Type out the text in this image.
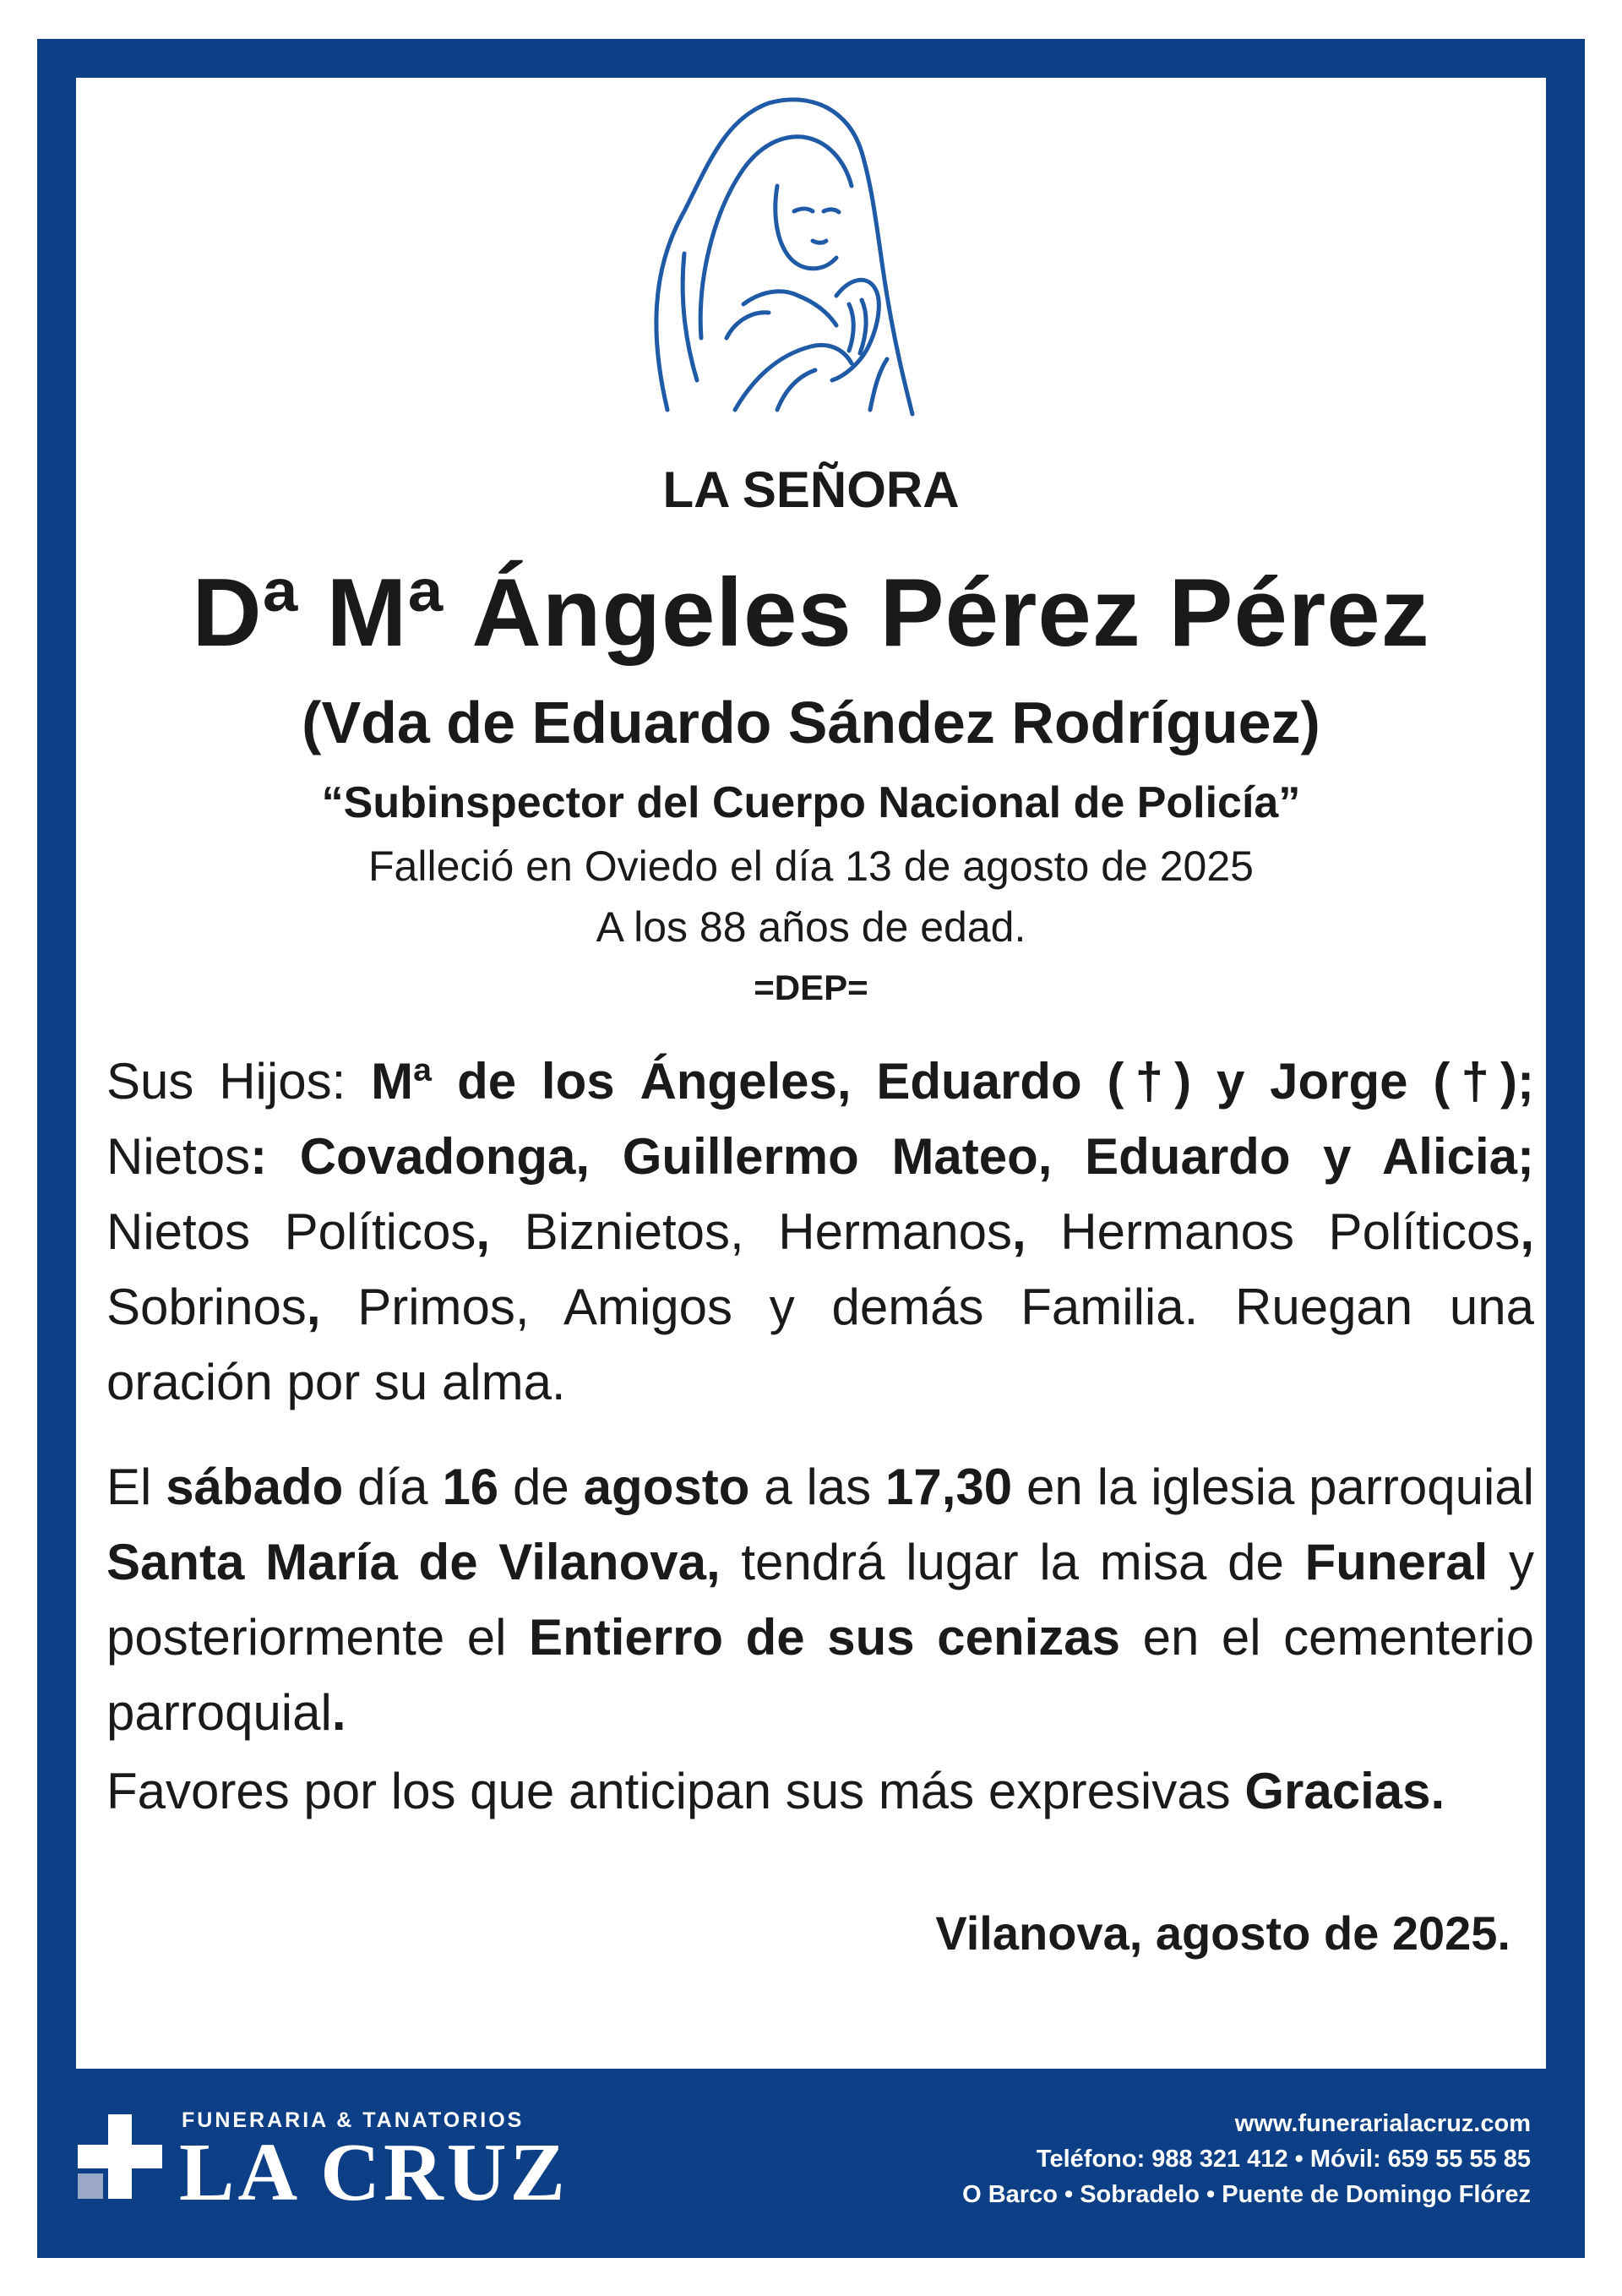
LA SEÑORA
Dª Mª Ángeles Pérez Pérez
(Vda de Eduardo Sández Rodríguez)
“Subinspector del Cuerpo Nacional de Policía”
Falleció en Oviedo el día 13 de agosto de 2025
A los 88 años de edad.
=DEP=
Sus Hijos: Mª de los Ángeles, Eduardo (†) y Jorge (†); Nietos: Covadonga, Guillermo Mateo, Eduardo y Alicia; Nietos Políticos, Biznietos, Hermanos, Hermanos Políticos, Sobrinos, Primos, Amigos y demás Familia. Ruegan una oración por su alma.
El sábado día 16 de agosto a las 17,30 en la iglesia parroquial Santa María de Vilanova, tendrá lugar la misa de Funeral y posteriormente el Entierro de sus cenizas en el cementerio parroquial.
Favores por los que anticipan sus más expresivas Gracias.
Vilanova, agosto de 2025.
FUNERARIA & TANATORIOS
LA CRUZ
www.funerarialacruz.com
Teléfono: 988 321 412 • Móvil: 659 55 55 85
O Barco • Sobradelo • Puente de Domingo Flórez
